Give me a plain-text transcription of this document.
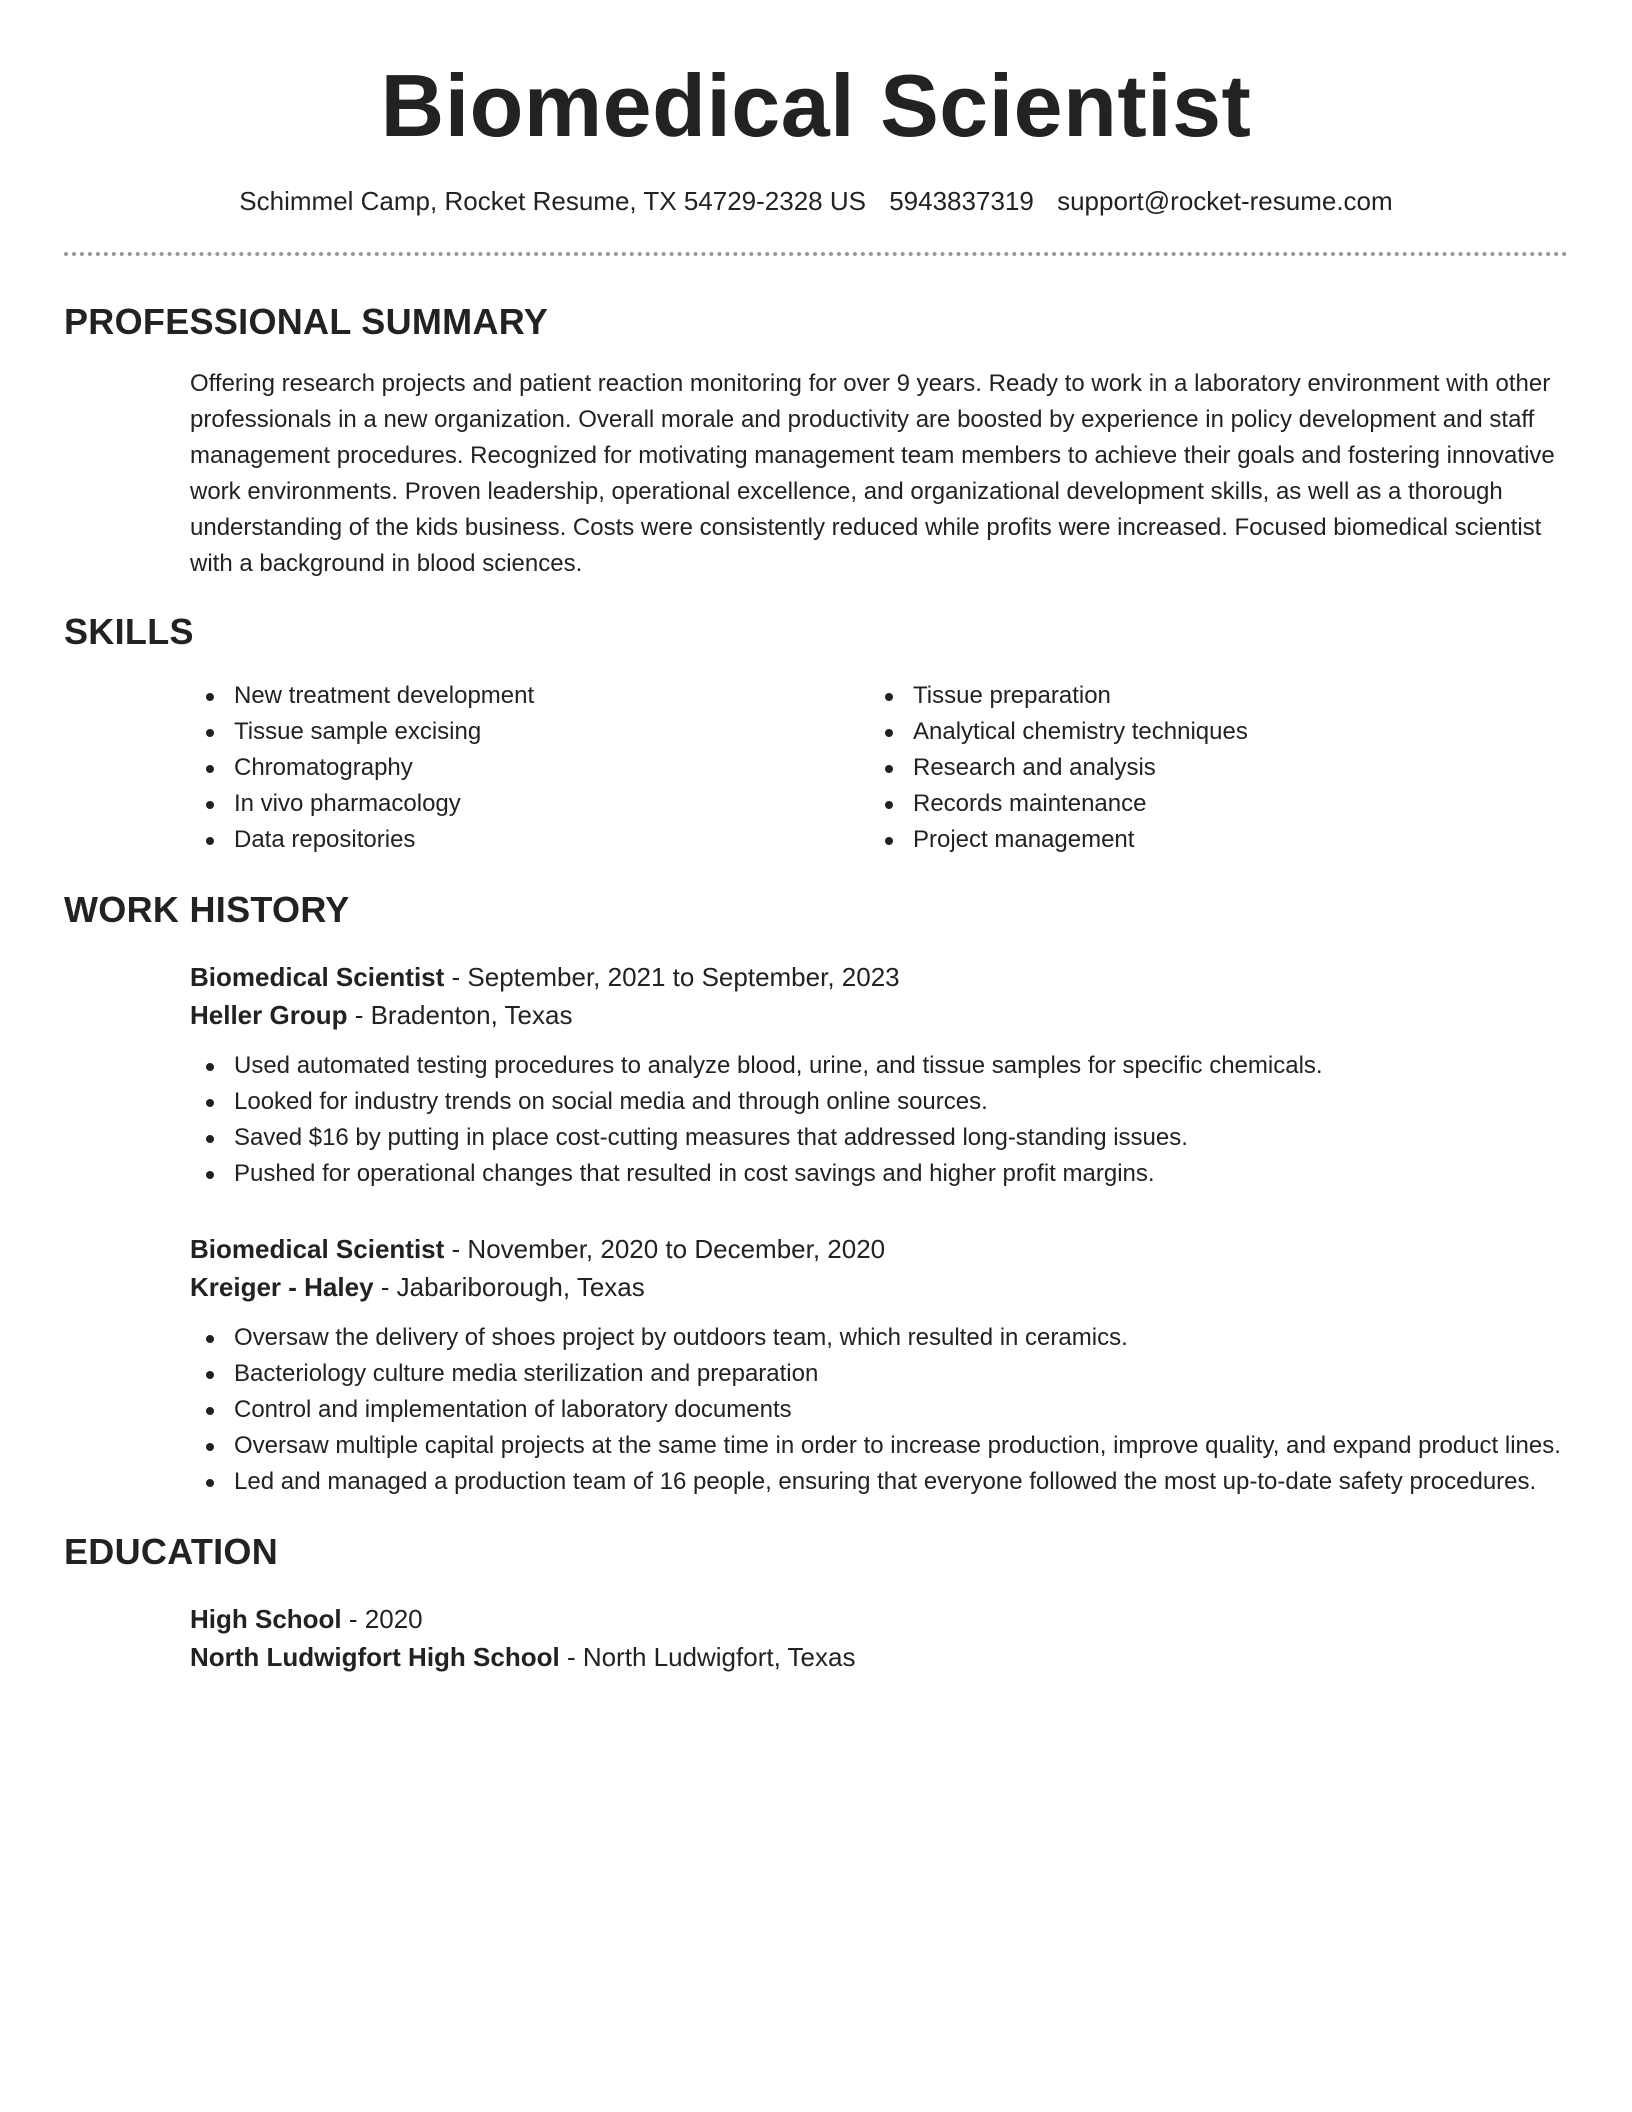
Biomedical Scientist
Schimmel Camp, Rocket Resume, TX 54729-2328 US 5943837319 support@rocket-resume.com
PROFESSIONAL SUMMARY
Offering research projects and patient reaction monitoring for over 9 years. Ready to work in a laboratory environment with other professionals in a new organization. Overall morale and productivity are boosted by experience in policy development and staff management procedures. Recognized for motivating management team members to achieve their goals and fostering innovative work environments. Proven leadership, operational excellence, and organizational development skills, as well as a thorough understanding of the kids business. Costs were consistently reduced while profits were increased. Focused biomedical scientist with a background in blood sciences.
SKILLS
New treatment development
Tissue sample excising
Chromatography
In vivo pharmacology
Data repositories
Tissue preparation
Analytical chemistry techniques
Research and analysis
Records maintenance
Project management
WORK HISTORY
Biomedical Scientist - September, 2021 to September, 2023
Heller Group - Bradenton, Texas
Used automated testing procedures to analyze blood, urine, and tissue samples for specific chemicals.
Looked for industry trends on social media and through online sources.
Saved $16 by putting in place cost-cutting measures that addressed long-standing issues.
Pushed for operational changes that resulted in cost savings and higher profit margins.
Biomedical Scientist - November, 2020 to December, 2020
Kreiger - Haley - Jabariborough, Texas
Oversaw the delivery of shoes project by outdoors team, which resulted in ceramics.
Bacteriology culture media sterilization and preparation
Control and implementation of laboratory documents
Oversaw multiple capital projects at the same time in order to increase production, improve quality, and expand product lines.
Led and managed a production team of 16 people, ensuring that everyone followed the most up-to-date safety procedures.
EDUCATION
High School - 2020
North Ludwigfort High School - North Ludwigfort, Texas
